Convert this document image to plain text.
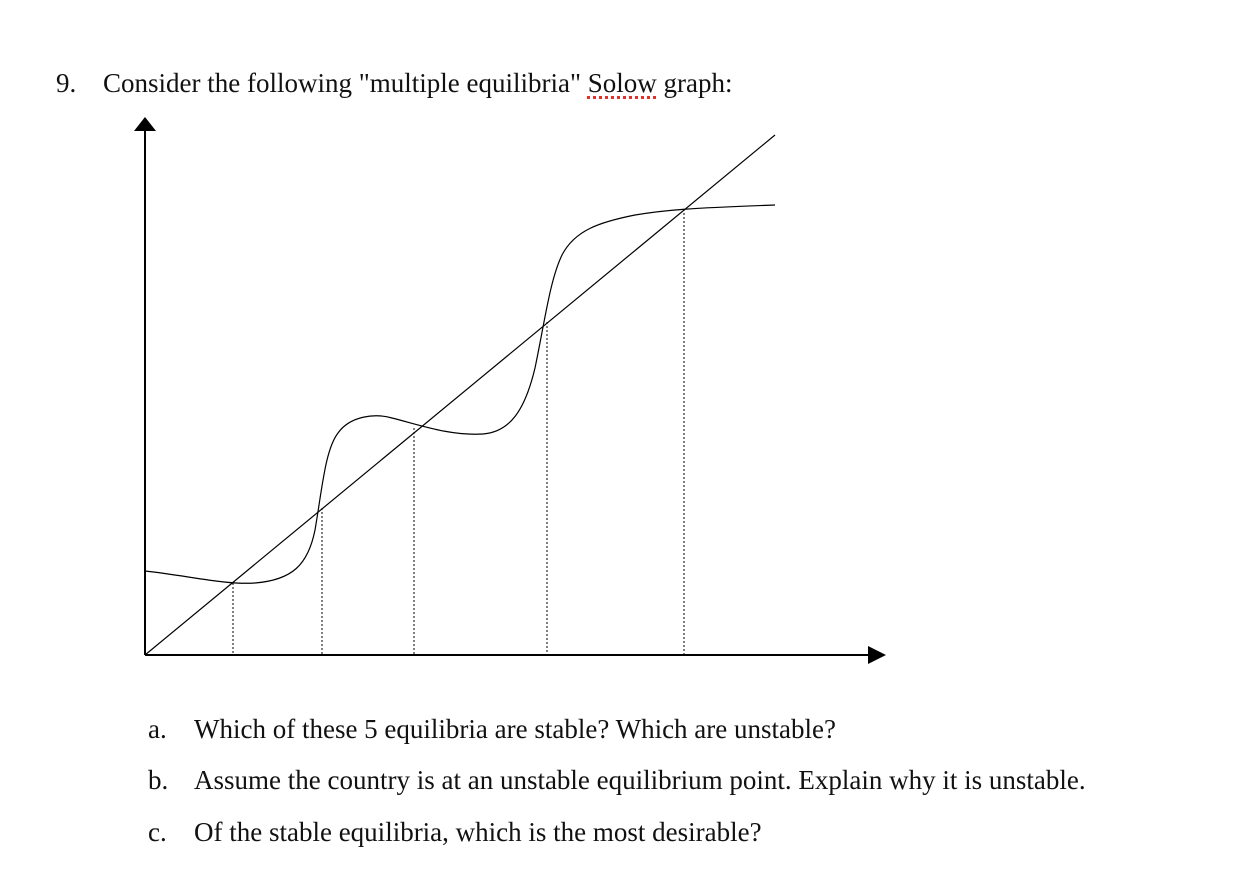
9. Consider the following "multiple equilibria" Solow graph:
a. Which of these 5 equilibria are stable? Which are unstable?
b. Assume the country is at an unstable equilibrium point. Explain why it is unstable.
c. Of the stable equilibria, which is the most desirable?
